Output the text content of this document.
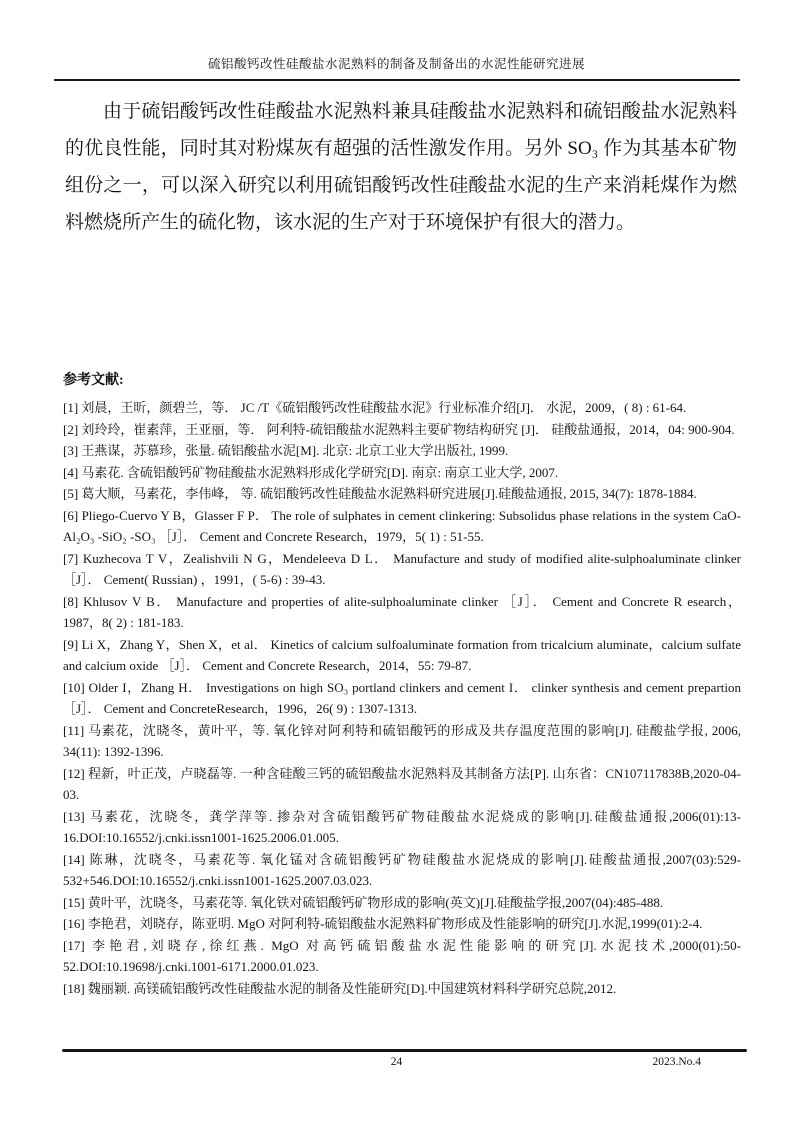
硫铝酸钙改性硅酸盐水泥熟料的制备及制备出的水泥性能研究进展

由于硫铝酸钙改性硅酸盐水泥熟料兼具硅酸盐水泥熟料和硫铝酸盐水泥熟料的优良性能，同时其对粉煤灰有超强的活性激发作用。另外 SO₃ 作为其基本矿物组份之一，可以深入研究以利用硫铝酸钙改性硅酸盐水泥的生产来消耗煤作为燃料燃烧所产生的硫化物，该水泥的生产对于环境保护有很大的潜力。

参考文献:

[1] 刘晨，王昕，颜碧兰，等． JC /T《硫铝酸钙改性硅酸盐水泥》行业标准介绍[J]． 水泥，2009，( 8) : 61-64.

[2] 刘玲玲，崔素萍，王亚丽，等． 阿利特-硫铝酸盐水泥熟料主要矿物结构研究 [J]． 硅酸盐通报，2014，04: 900-904.

[3] 王燕谋，苏慕珍，张量. 硫铝酸盐水泥[M]. 北京: 北京工业大学出版社, 1999.

[4] 马素花. 含硫铝酸钙矿物硅酸盐水泥熟料形成化学研究[D]. 南京: 南京工业大学, 2007.

[5] 葛大顺，马素花，李伟峰， 等. 硫铝酸钙改性硅酸盐水泥熟料研究进展[J].硅酸盐通报, 2015, 34(7): 1878-1884.

[6] Pliego-Cuervo Y B，Glasser F P． The role of sulphates in cement clinkering: Subsolidus phase relations in the system CaO-Al₂O₃ -SiO₂ -SO₃ ［J］． Cement and Concrete Research，1979，5( 1) : 51-55.

[7] Kuzhecova T V，Zealishvili N G，Mendeleeva D L． Manufacture and study of modified alite-sulphoaluminate clinker ［J］． Cement( Russian) ，1991，( 5-6) : 39-43.

[8] Khlusov V B． Manufacture and properties of alite-sulphoaluminate clinker ［J］． Cement and Concrete R esearch，1987，8( 2) : 181-183.

[9] Li X，Zhang Y，Shen X，et al． Kinetics of calcium sulfoaluminate formation from tricalcium aluminate，calcium sulfate and calcium oxide ［J］． Cement and Concrete Research，2014，55: 79-87.

[10] Older I，Zhang H． Investigations on high SO₃ portland clinkers and cement I． clinker synthesis and cement prepartion ［J］． Cement and ConcreteResearch，1996，26( 9) : 1307-1313.

[11] 马素花，沈晓冬，黄叶平，等. 氧化锌对阿利特和硫铝酸钙的形成及共存温度范围的影响[J]. 硅酸盐学报, 2006, 34(11): 1392-1396.

[12] 程新，叶正茂，卢晓磊等. 一种含硅酸三钙的硫铝酸盐水泥熟料及其制备方法[P]. 山东省：CN107117838B,2020-04-03.

[13] 马素花，沈晓冬，龚学萍等. 掺杂对含硫铝酸钙矿物硅酸盐水泥烧成的影响[J].硅酸盐通报,2006(01):13-16.DOI:10.16552/j.cnki.issn1001-1625.2006.01.005.

[14] 陈琳，沈晓冬，马素花等. 氧化锰对含硫铝酸钙矿物硅酸盐水泥烧成的影响[J].硅酸盐通报,2007(03):529-532+546.DOI:10.16552/j.cnki.issn1001-1625.2007.03.023.

[15] 黄叶平，沈晓冬，马素花等. 氧化铁对硫铝酸钙矿物形成的影响(英文)[J].硅酸盐学报,2007(04):485-488.

[16] 李艳君，刘晓存，陈亚明. MgO 对阿利特-硫铝酸盐水泥熟料矿物形成及性能影响的研究[J].水泥,1999(01):2-4.

[17] 李艳君,刘晓存,徐红燕. MgO 对高钙硫铝酸盐水泥性能影响的研究[J].水泥技术,2000(01):50-52.DOI:10.19698/j.cnki.1001-6171.2000.01.023.

[18] 魏丽颖. 高镁硫铝酸钙改性硅酸盐水泥的制备及性能研究[D].中国建筑材料科学研究总院,2012.

24	2023.No.4
